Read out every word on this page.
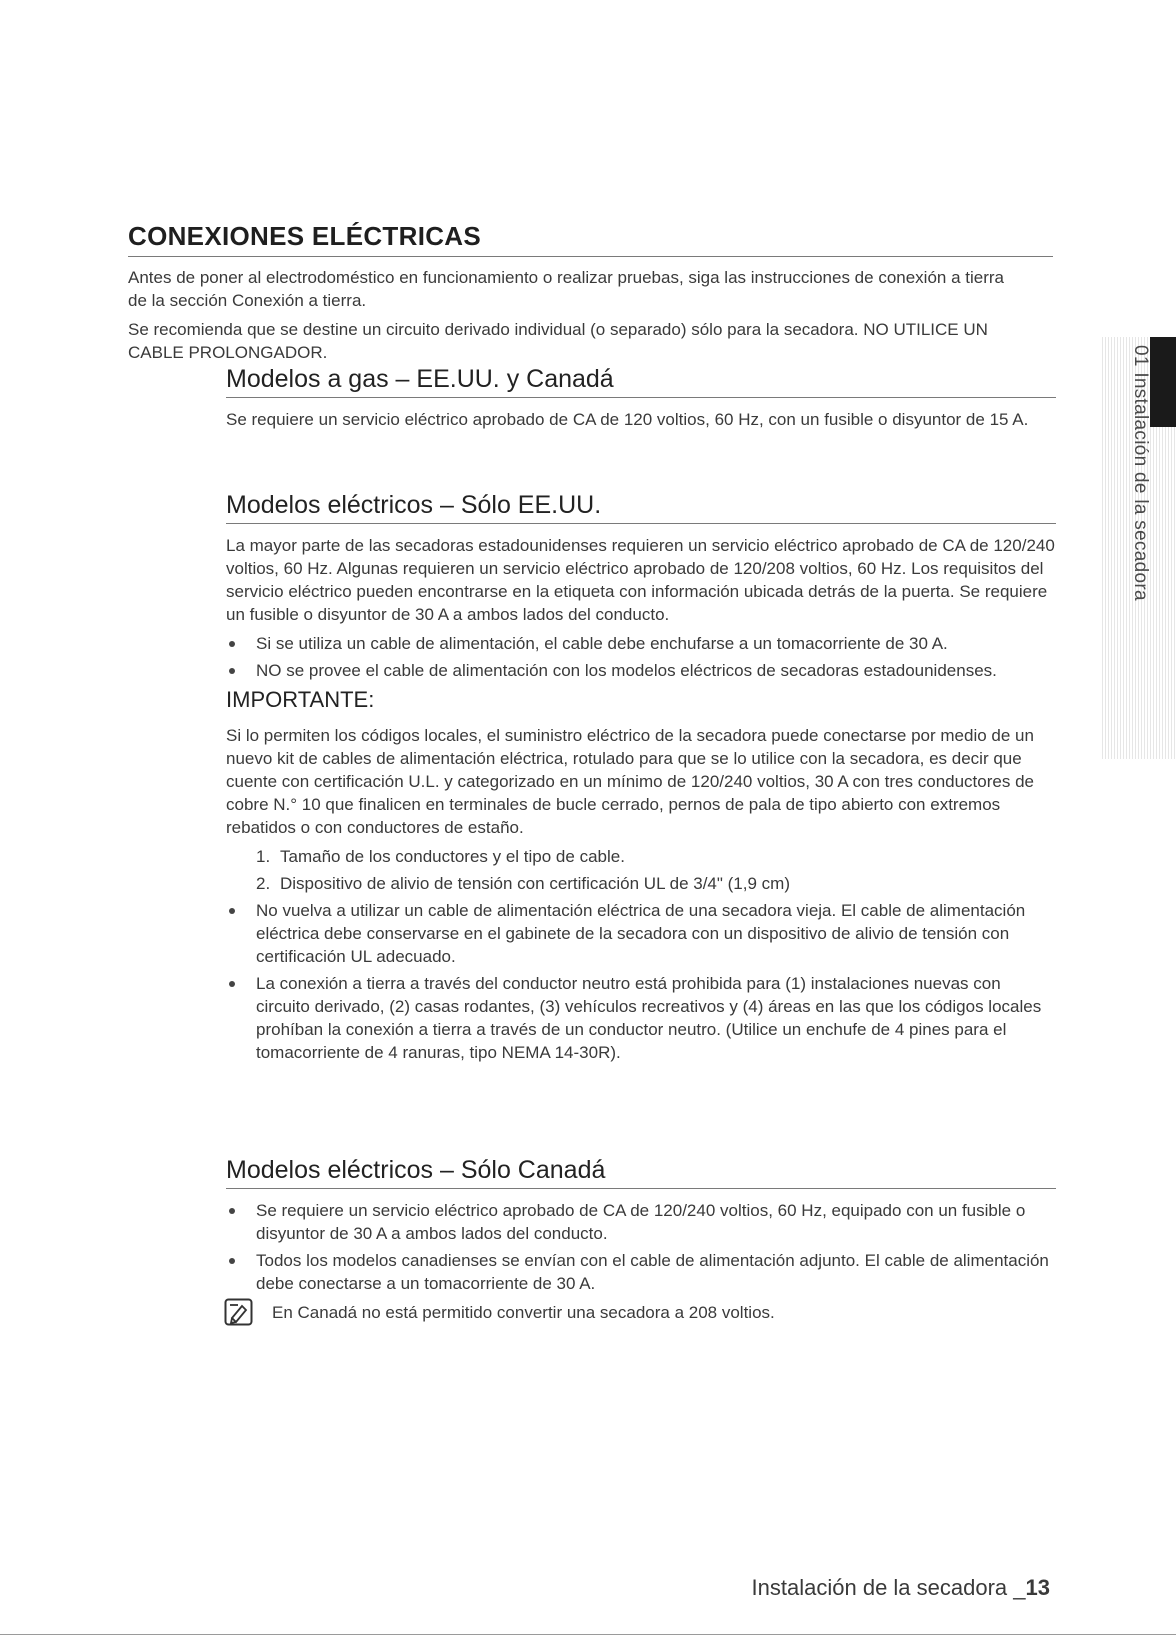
CONEXIONES ELÉCTRICAS

Antes de poner al electrodoméstico en funcionamiento o realizar pruebas, siga las instrucciones de conexión a tierra de la sección Conexión a tierra.

Se recomienda que se destine un circuito derivado individual (o separado) sólo para la secadora. NO UTILICE UN CABLE PROLONGADOR.

Modelos a gas – EE.UU. y Canadá

Se requiere un servicio eléctrico aprobado de CA de 120 voltios, 60 Hz, con un fusible o disyuntor de 15 A.

Modelos eléctricos – Sólo EE.UU.

La mayor parte de las secadoras estadounidenses requieren un servicio eléctrico aprobado de CA de 120/240 voltios, 60 Hz. Algunas requieren un servicio eléctrico aprobado de 120/208 voltios, 60 Hz. Los requisitos del servicio eléctrico pueden encontrarse en la etiqueta con información ubicada detrás de la puerta. Se requiere un fusible o disyuntor de 30 A a ambos lados del conducto.

Si se utiliza un cable de alimentación, el cable debe enchufarse a un tomacorriente de 30 A.
NO se provee el cable de alimentación con los modelos eléctricos de secadoras estadounidenses.
IMPORTANTE:

Si lo permiten los códigos locales, el suministro eléctrico de la secadora puede conectarse por medio de un nuevo kit de cables de alimentación eléctrica, rotulado para que se lo utilice con la secadora, es decir que cuente con certificación U.L. y categorizado en un mínimo de 120/240 voltios, 30 A con tres conductores de cobre N.° 10 que finalicen en terminales de bucle cerrado, pernos de pala de tipo abierto con extremos rebatidos o con conductores de estaño.

1. Tamaño de los conductores y el tipo de cable.
2. Dispositivo de alivio de tensión con certificación UL de 3/4" (1,9 cm)
No vuelva a utilizar un cable de alimentación eléctrica de una secadora vieja. El cable de alimentación eléctrica debe conservarse en el gabinete de la secadora con un dispositivo de alivio de tensión con certificación UL adecuado.
La conexión a tierra a través del conductor neutro está prohibida para (1) instalaciones nuevas con circuito derivado, (2) casas rodantes, (3) vehículos recreativos y (4) áreas en las que los códigos locales prohíban la conexión a tierra a través de un conductor neutro. (Utilice un enchufe de 4 pines para el tomacorriente de 4 ranuras, tipo NEMA 14-30R).
Modelos eléctricos – Sólo Canadá
Se requiere un servicio eléctrico aprobado de CA de 120/240 voltios, 60 Hz, equipado con un fusible o disyuntor de 30 A a ambos lados del conducto.
Todos los modelos canadienses se envían con el cable de alimentación adjunto. El cable de alimentación debe conectarse a un tomacorriente de 30 A.
En Canadá no está permitido convertir una secadora a 208 voltios.
01 Instalación de la secadora
Instalación de la secadora _13
